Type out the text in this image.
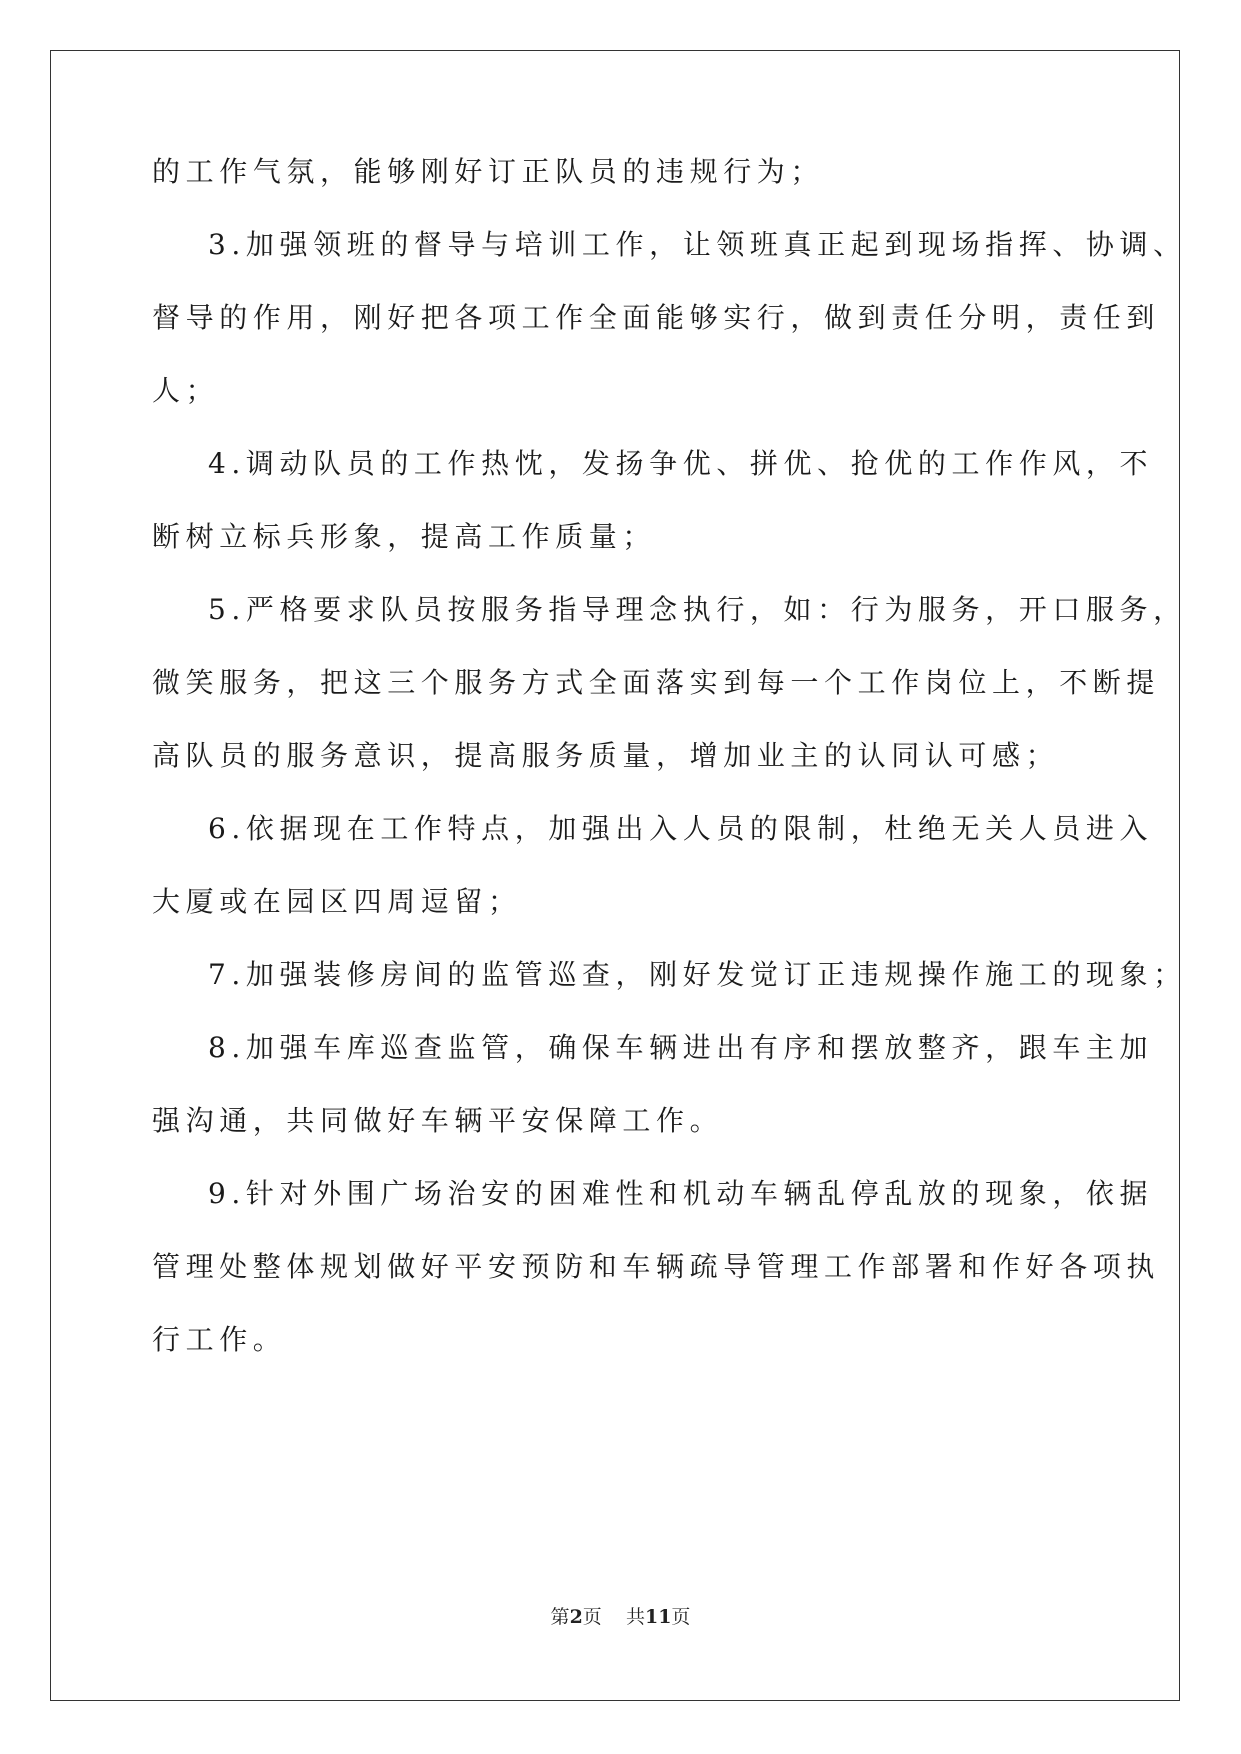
的工作气氛，能够刚好订正队员的违规行为；
3.加强领班的督导与培训工作，让领班真正起到现场指挥、协调、
督导的作用，刚好把各项工作全面能够实行，做到责任分明，责任到
人；
4.调动队员的工作热忱，发扬争优、拼优、抢优的工作作风，不
断树立标兵形象，提高工作质量；
5.严格要求队员按服务指导理念执行，如：行为服务，开口服务，
微笑服务，把这三个服务方式全面落实到每一个工作岗位上，不断提
高队员的服务意识，提高服务质量，增加业主的认同认可感；
6.依据现在工作特点，加强出入人员的限制，杜绝无关人员进入
大厦或在园区四周逗留；
7.加强装修房间的监管巡查，刚好发觉订正违规操作施工的现象；
8.加强车库巡查监管，确保车辆进出有序和摆放整齐，跟车主加
强沟通，共同做好车辆平安保障工作。
9.针对外围广场治安的困难性和机动车辆乱停乱放的现象，依据
管理处整体规划做好平安预防和车辆疏导管理工作部署和作好各项执
行工作。
第2页    共11页
